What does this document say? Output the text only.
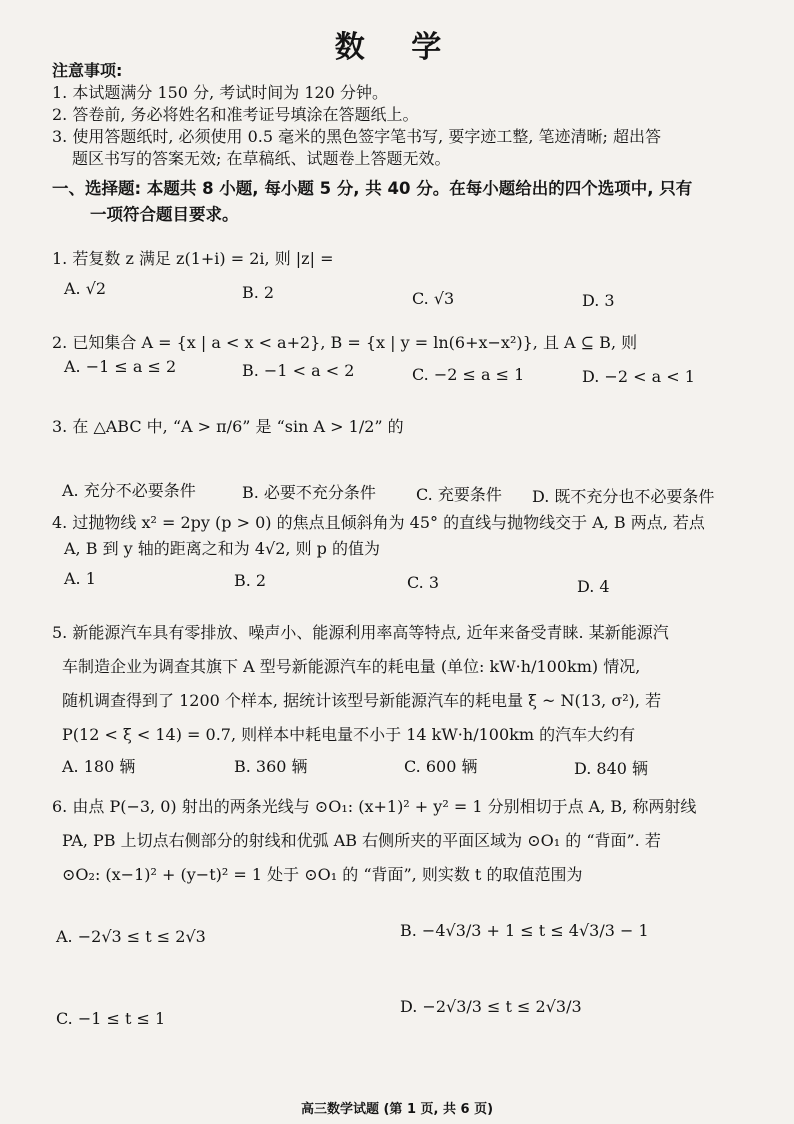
数 学
注意事项:
1. 本试题满分 150 分, 考试时间为 120 分钟。
2. 答卷前, 务必将姓名和准考证号填涂在答题纸上。
3. 使用答题纸时, 必须使用 0.5 毫米的黑色签字笔书写, 要字迹工整, 笔迹清晰; 超出答
题区书写的答案无效; 在草稿纸、试题卷上答题无效。
一、选择题: 本题共 8 小题, 每小题 5 分, 共 40 分。在每小题给出的四个选项中, 只有
一项符合题目要求。
1. 若复数 z 满足 z(1+i) = 2i, 则 |z| =
A. √2	B. 2	C. √3	D. 3
2. 已知集合 A = {x | a < x < a+2}, B = {x | y = ln(6+x−x²)}, 且 A ⊆ B, 则
A. −1 ≤ a ≤ 2	B. −1 < a < 2	C. −2 ≤ a ≤ 1	D. −2 < a < 1
3. 在 △ABC 中, “A > π/6” 是 “sin A > 1/2” 的
A. 充分不必要条件	B. 必要不充分条件	C. 充要条件 D. 既不充分也不必要条件
4. 过抛物线 x² = 2py (p > 0) 的焦点且倾斜角为 45° 的直线与抛物线交于 A, B 两点, 若点
A, B 到 y 轴的距离之和为 4√2, 则 p 的值为
A. 1	B. 2	C. 3	D. 4
5. 新能源汽车具有零排放、噪声小、能源利用率高等特点, 近年来备受青睐. 某新能源汽
车制造企业为调查其旗下 A 型号新能源汽车的耗电量 (单位: kW·h/100km) 情况,
随机调查得到了 1200 个样本, 据统计该型号新能源汽车的耗电量 ξ ~ N(13, σ²), 若
P(12 < ξ < 14) = 0.7, 则样本中耗电量不小于 14 kW·h/100km 的汽车大约有
A. 180 辆	B. 360 辆	C. 600 辆	D. 840 辆
6. 由点 P(−3, 0) 射出的两条光线与 ⊙O₁: (x+1)² + y² = 1 分别相切于点 A, B, 称两射线
PA, PB 上切点右侧部分的射线和优弧 AB 右侧所夹的平面区域为 ⊙O₁ 的 “背面”. 若
⊙O₂: (x−1)² + (y−t)² = 1 处于 ⊙O₁ 的 “背面”, 则实数 t 的取值范围为
A. −2√3 ≤ t ≤ 2√3	B. −4√3/3 + 1 ≤ t ≤ 4√3/3 − 1
C. −1 ≤ t ≤ 1
D. −2√3/3 ≤ t ≤ 2√3/3
高三数学试题 (第 1 页, 共 6 页)
